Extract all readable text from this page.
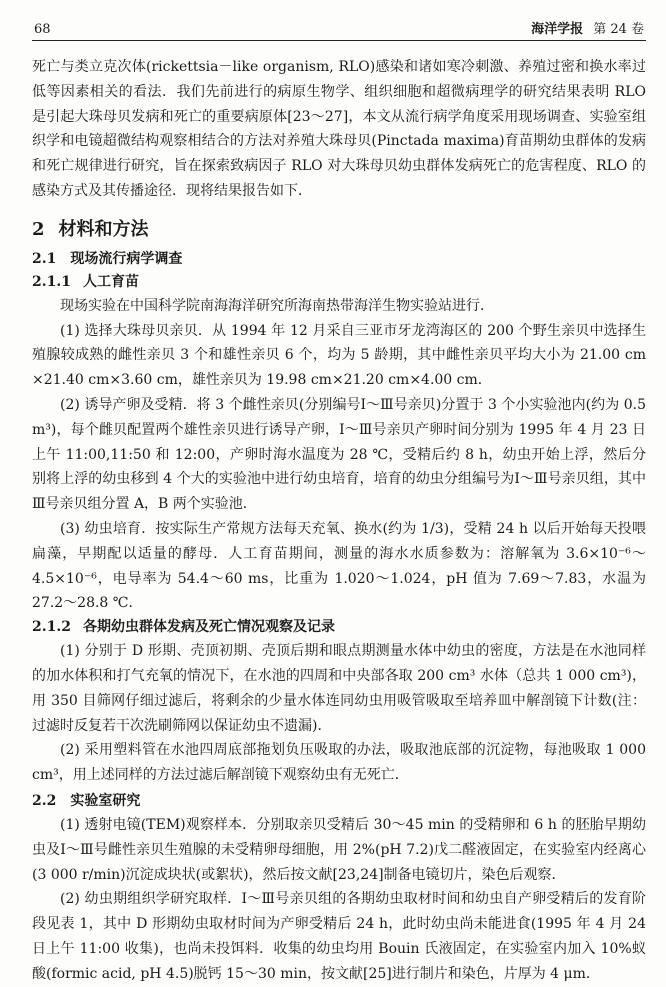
68	海洋学报 第 24 卷

死亡与类立克次体(rickettsia－like organism, RLO)感染和诸如寒冷刺激、养殖过密和换水率过低等因素相关的看法．我们先前进行的病原生物学、组织细胞和超微病理学的研究结果表明 RLO 是引起大珠母贝发病和死亡的重要病原体[23～27]，本文从流行病学角度采用现场调查、实验室组织学和电镜超微结构观察相结合的方法对养殖大珠母贝(Pinctada maxima)育苗期幼虫群体的发病和死亡规律进行研究，旨在探索致病因子 RLO 对大珠母贝幼虫群体发病死亡的危害程度、RLO 的感染方式及其传播途径．现将结果报告如下．

2 材料和方法
2.1 现场流行病学调查
2.1.1 人工育苗

现场实验在中国科学院南海海洋研究所海南热带海洋生物实验站进行．

(1) 选择大珠母贝亲贝．从 1994 年 12 月采自三亚市牙龙湾海区的 200 个野生亲贝中选择生殖腺较成熟的雌性亲贝 3 个和雄性亲贝 6 个，均为 5 龄期，其中雌性亲贝平均大小为 21.00 cm ×21.40 cm×3.60 cm，雄性亲贝为 19.98 cm×21.20 cm×4.00 cm．

(2) 诱导产卵及受精．将 3 个雌性亲贝(分别编号Ⅰ～Ⅲ号亲贝)分置于 3 个小实验池内(约为 0.5 m³)，每个雌贝配置两个雄性亲贝进行诱导产卵，Ⅰ～Ⅲ号亲贝产卵时间分别为 1995 年 4 月 23 日上午 11:00,11:50 和 12:00，产卵时海水温度为 28 ℃，受精后约 8 h，幼虫开始上浮，然后分别将上浮的幼虫移到 4 个大的实验池中进行幼虫培育，培育的幼虫分组编号为Ⅰ～Ⅲ号亲贝组，其中Ⅲ号亲贝组分置 A，B 两个实验池．

(3) 幼虫培育．按实际生产常规方法每天充氧、换水(约为 1/3)，受精 24 h 以后开始每天投喂扁藻，早期配以适量的酵母．人工育苗期间，测量的海水水质参数为：溶解氧为 3.6×10⁻⁶～4.5×10⁻⁶，电导率为 54.4～60 ms，比重为 1.020～1.024，pH 值为 7.69～7.83，水温为 27.2～28.8 ℃．

2.1.2 各期幼虫群体发病及死亡情况观察及记录

(1) 分别于 D 形期、壳顶初期、壳顶后期和眼点期测量水体中幼虫的密度，方法是在水池同样的加水体积和打气充氧的情况下，在水池的四周和中央部各取 200 cm³ 水体（总共 1 000 cm³)，用 350 目筛网仔细过滤后，将剩余的少量水体连同幼虫用吸管吸取至培养皿中解剖镜下计数(注：过滤时反复若干次洗刷筛网以保证幼虫不遗漏)．

(2) 采用塑料管在水池四周底部拖划负压吸取的办法，吸取池底部的沉淀物，每池吸取 1 000 cm³，用上述同样的方法过滤后解剖镜下观察幼虫有无死亡．

2.2 实验室研究

(1) 透射电镜(TEM)观察样本．分别取亲贝受精后 30～45 min 的受精卵和 6 h 的胚胎早期幼虫及Ⅰ～Ⅲ号雌性亲贝生殖腺的未受精卵母细胞，用 2%(pH 7.2)戊二醛液固定，在实验室内经离心(3 000 r/min)沉淀成块状(或絮状)，然后按文献[23,24]制备电镜切片，染色后观察．

(2) 幼虫期组织学研究取样．Ⅰ～Ⅲ号亲贝组的各期幼虫取材时间和幼虫自产卵受精后的发育阶段见表 1，其中 D 形期幼虫取材时间为产卵受精后 24 h，此时幼虫尚未能进食(1995 年 4 月 24 日上午 11:00 收集)，也尚未投饵料．收集的幼虫均用 Bouin 氏液固定，在实验室内加入 10%蚁酸(formic acid, pH 4.5)脱钙 15～30 min，按文献[25]进行制片和染色，片厚为 4 μm．
